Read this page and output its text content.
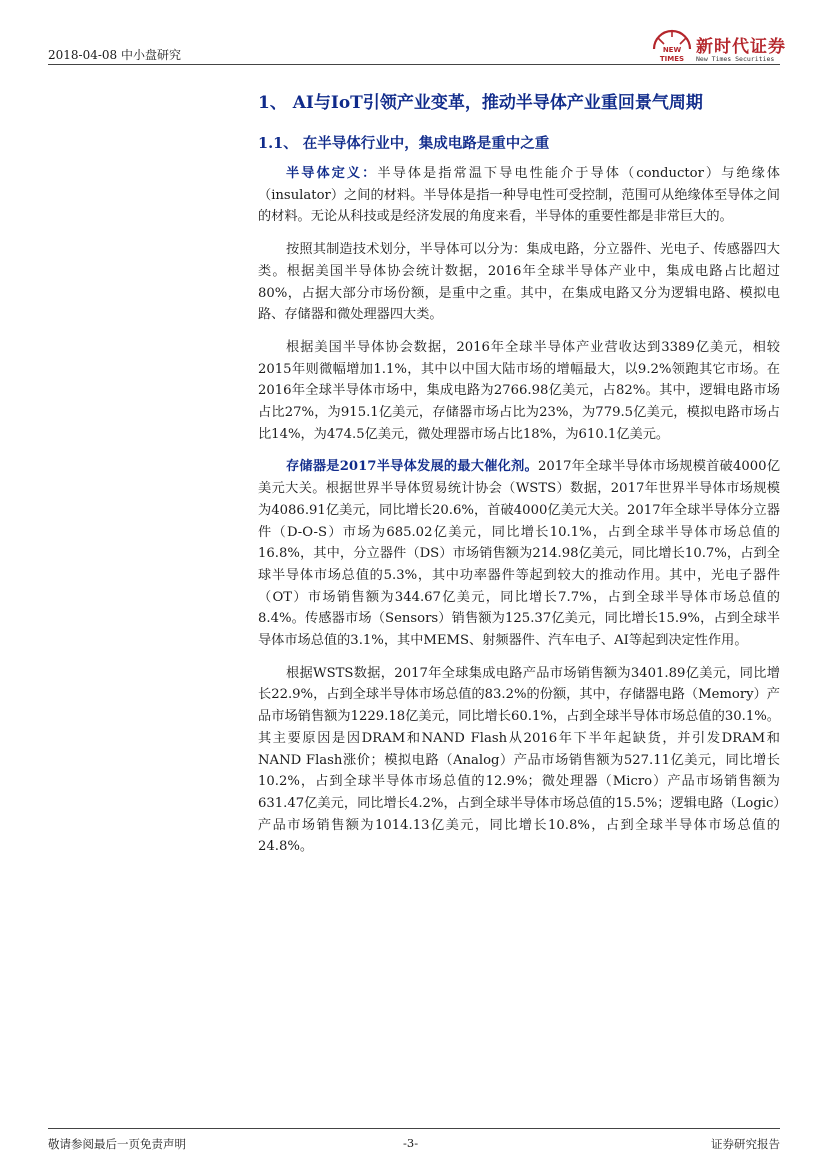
2018-04-08 中小盘研究	NEW
TIMES
新时代证券
New Times Securities
1、 AI与IoT引领产业变革，推动半导体产业重回景气周期
1.1、 在半导体行业中，集成电路是重中之重

半导体定义：半导体是指常温下导电性能介于导体（conductor）与绝缘体（insulator）之间的材料。半导体是指一种导电性可受控制，范围可从绝缘体至导体之间的材料。无论从科技或是经济发展的角度来看，半导体的重要性都是非常巨大的。

按照其制造技术划分，半导体可以分为：集成电路，分立器件、光电子、传感器四大类。根据美国半导体协会统计数据，2016年全球半导体产业中，集成电路占比超过80%，占据大部分市场份额，是重中之重。其中，在集成电路又分为逻辑电路、模拟电路、存储器和微处理器四大类。

根据美国半导体协会数据，2016年全球半导体产业营收达到3389亿美元，相较2015年则微幅增加1.1%，其中以中国大陆市场的增幅最大，以9.2%领跑其它市场。在2016年全球半导体市场中，集成电路为2766.98亿美元，占82%。其中，逻辑电路市场占比27%，为915.1亿美元，存储器市场占比为23%，为779.5亿美元，模拟电路市场占比14%，为474.5亿美元，微处理器市场占比18%，为610.1亿美元。

存储器是2017半导体发展的最大催化剂。2017年全球半导体市场规模首破4000亿美元大关。根据世界半导体贸易统计协会（WSTS）数据，2017年世界半导体市场规模为4086.91亿美元，同比增长20.6%，首破4000亿美元大关。2017年全球半导体分立器件（D-O-S）市场为685.02亿美元，同比增长10.1%，占到全球半导体市场总值的16.8%，其中，分立器件（DS）市场销售额为214.98亿美元，同比增长10.7%，占到全球半导体市场总值的5.3%，其中功率器件等起到较大的推动作用。其中，光电子器件（OT）市场销售额为344.67亿美元，同比增长7.7%，占到全球半导体市场总值的8.4%。传感器市场（Sensors）销售额为125.37亿美元，同比增长15.9%，占到全球半导体市场总值的3.1%，其中MEMS、射频器件、汽车电子、AI等起到决定性作用。

根据WSTS数据，2017年全球集成电路产品市场销售额为3401.89亿美元，同比增长22.9%，占到全球半导体市场总值的83.2%的份额，其中，存储器电路（Memory）产品市场销售额为1229.18亿美元，同比增长60.1%，占到全球半导体市场总值的30.1%。其主要原因是因DRAM和NAND Flash从2016年下半年起缺货，并引发DRAM和NAND Flash涨价；模拟电路（Analog）产品市场销售额为527.11亿美元，同比增长10.2%，占到全球半导体市场总值的12.9%；微处理器（Micro）产品市场销售额为631.47亿美元，同比增长4.2%，占到全球半导体市场总值的15.5%；逻辑电路（Logic）产品市场销售额为1014.13亿美元，同比增长10.8%，占到全球半导体市场总值的24.8%。

敬请参阅最后一页免责声明	-3-	证券研究报告
